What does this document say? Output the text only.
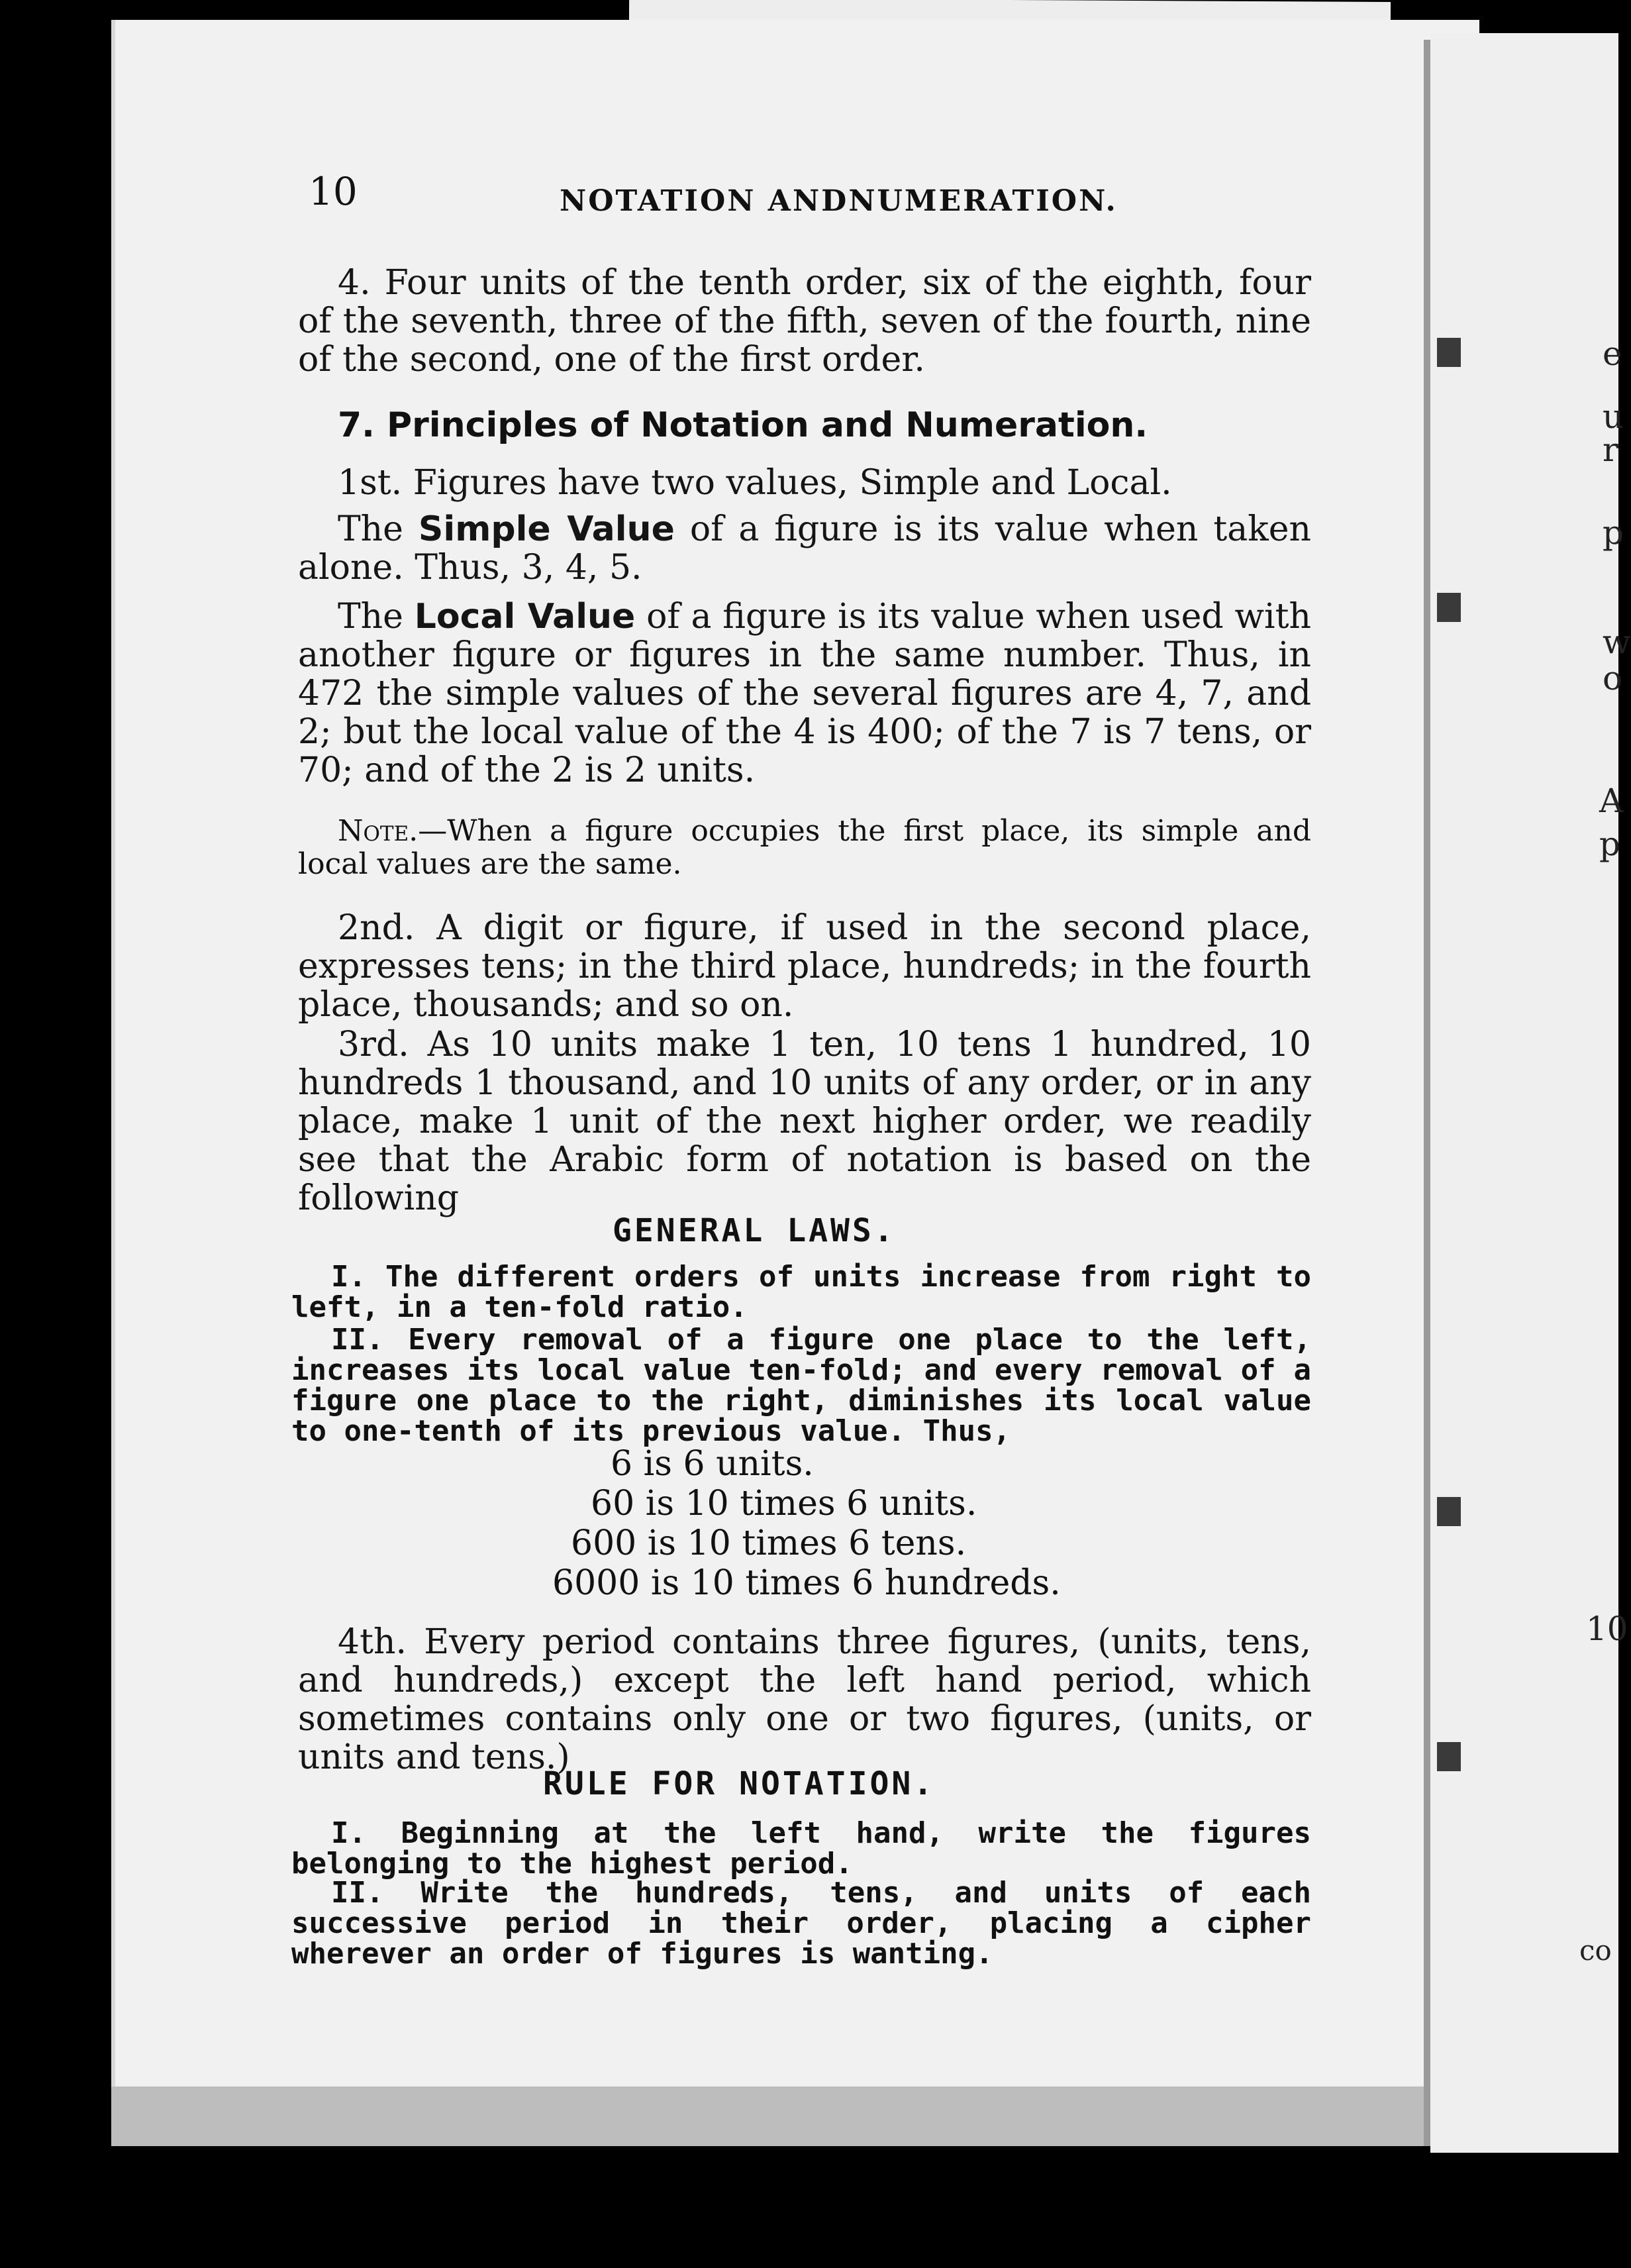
e
u
r
p
w
o
A
p
10
co
10	NOTATION ANDNUMERATION.
4. Four units of the tenth order, six of the eighth, four of the seventh, three of the fifth, seven of the fourth, nine of the second, one of the first order.
7. Principles of Notation and Numeration.
1st. Figures have two values, Simple and Local.
The Simple Value of a figure is its value when taken alone. Thus, 3, 4, 5.
The Local Value of a figure is its value when used with another figure or figures in the same number. Thus, in 472 the simple values of the several figures are 4, 7, and 2; but the local value of the 4 is 400; of the 7 is 7 tens, or 70; and of the 2 is 2 units.
Note.—When a figure occupies the first place, its simple and local values are the same.
2nd. A digit or figure, if used in the second place, expresses tens; in the third place, hundreds; in the fourth place, thousands; and so on.
3rd. As 10 units make 1 ten, 10 tens 1 hundred, 10 hundreds 1 thousand, and 10 units of any order, or in any place, make 1 unit of the next higher order, we readily see that the Arabic form of notation is based on the following
GENERAL LAWS.
I. The different orders of units increase from right to left, in a ten-fold ratio.
II. Every removal of a figure one place to the left, increases its local value ten-fold; and every removal of a figure one place to the right, diminishes its local value to one-tenth of its previous value. Thus,
6 is 6 units.
60 is 10 times 6 units.
600 is 10 times 6 tens.
6000 is 10 times 6 hundreds.
4th. Every period contains three figures, (units, tens, and hundreds,) except the left hand period, which sometimes contains only one or two figures, (units, or units and tens.)
RULE FOR NOTATION.
I. Beginning at the left hand, write the figures belonging to the highest period.
II. Write the hundreds, tens, and units of each successive period in their order, placing a cipher wherever an order of figures is wanting.
